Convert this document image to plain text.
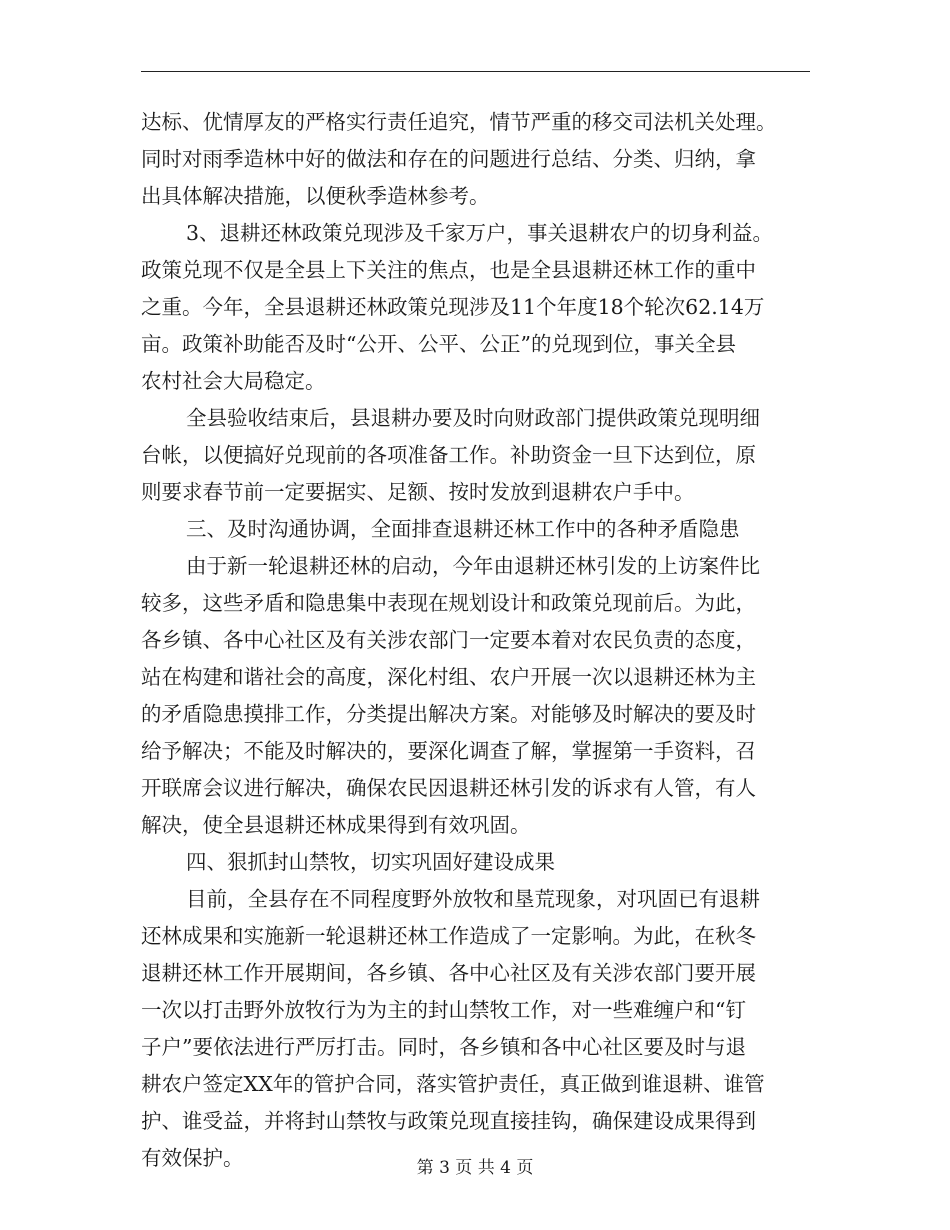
达标、优情厚友的严格实行责任追究，情节严重的移交司法机关处理。
同时对雨季造林中好的做法和存在的问题进行总结、分类、归纳，拿
出具体解决措施，以便秋季造林参考。
3、退耕还林政策兑现涉及千家万户，事关退耕农户的切身利益。
政策兑现不仅是全县上下关注的焦点，也是全县退耕还林工作的重中
之重。今年，全县退耕还林政策兑现涉及11个年度18个轮次62.14万
亩。政策补助能否及时“公开、公平、公正”的兑现到位，事关全县
农村社会大局稳定。
全县验收结束后，县退耕办要及时向财政部门提供政策兑现明细
台帐，以便搞好兑现前的各项准备工作。补助资金一旦下达到位，原
则要求春节前一定要据实、足额、按时发放到退耕农户手中。
三、及时沟通协调，全面排查退耕还林工作中的各种矛盾隐患
由于新一轮退耕还林的启动，今年由退耕还林引发的上访案件比
较多，这些矛盾和隐患集中表现在规划设计和政策兑现前后。为此，
各乡镇、各中心社区及有关涉农部门一定要本着对农民负责的态度，
站在构建和谐社会的高度，深化村组、农户开展一次以退耕还林为主
的矛盾隐患摸排工作，分类提出解决方案。对能够及时解决的要及时
给予解决；不能及时解决的，要深化调查了解，掌握第一手资料，召
开联席会议进行解决，确保农民因退耕还林引发的诉求有人管，有人
解决，使全县退耕还林成果得到有效巩固。
四、狠抓封山禁牧，切实巩固好建设成果
目前，全县存在不同程度野外放牧和垦荒现象，对巩固已有退耕
还林成果和实施新一轮退耕还林工作造成了一定影响。为此，在秋冬
退耕还林工作开展期间，各乡镇、各中心社区及有关涉农部门要开展
一次以打击野外放牧行为为主的封山禁牧工作，对一些难缠户和“钉
子户”要依法进行严厉打击。同时，各乡镇和各中心社区要及时与退
耕农户签定XX年的管护合同，落实管护责任，真正做到谁退耕、谁管
护、谁受益，并将封山禁牧与政策兑现直接挂钩，确保建设成果得到
有效保护。	第 3 页 共 4 页
